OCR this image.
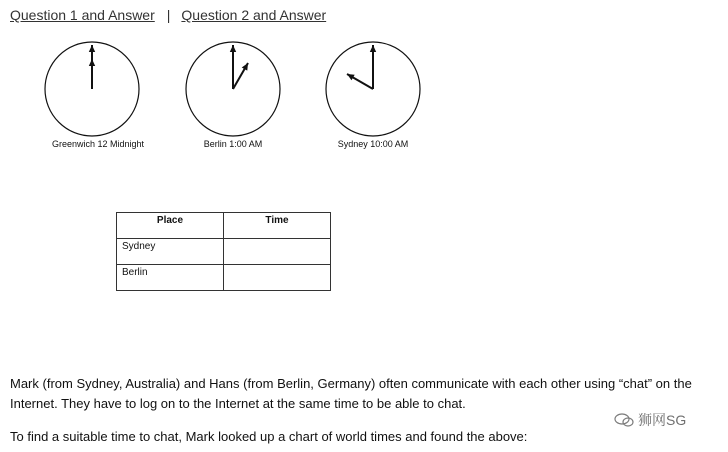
Question 1 and Answer | Question 2 and Answer
Greenwich 12 Midnight	Berlin 1:00 AM	Sydney 10:00 AM
Place	Time
Sydney	
Berlin	
Mark (from Sydney, Australia) and Hans (from Berlin, Germany) often communicate with each other using “chat” on the Internet. They have to log on to the Internet at the same time to be able to chat.
To find a suitable time to chat, Mark looked up a chart of world times and found the above:
狮网SG
